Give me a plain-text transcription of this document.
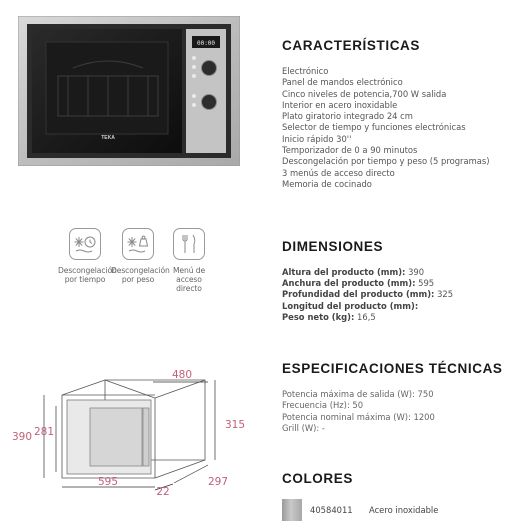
TEKA
00:00
Descongelación
por tiempo
Descongelación
por peso
Menú de
acceso
directo
480
390 281
315
595
22
297
CARACTERÍSTICAS
Electrónico
Panel de mandos electrónico
Cinco niveles de potencia,700 W salida
Interior en acero inoxidable
Plato giratorio integrado 24 cm
Selector de tiempo y funciones electrónicas
Inicio rápido 30''
Temporizador de 0 a 90 minutos
Descongelación por tiempo y peso (5 programas)
3 menús de acceso directo
Memoria de cocinado
DIMENSIONES
Altura del producto (mm): 390
Anchura del producto (mm): 595
Profundidad del producto (mm): 325
Longitud del producto (mm):
Peso neto (kg): 16,5
ESPECIFICACIONES TÉCNICAS
Potencia máxima de salida (W): 750
Frecuencia (Hz): 50
Potencia nominal máxima (W): 1200
Grill (W): -
COLORES
40584011 Acero inoxidable
